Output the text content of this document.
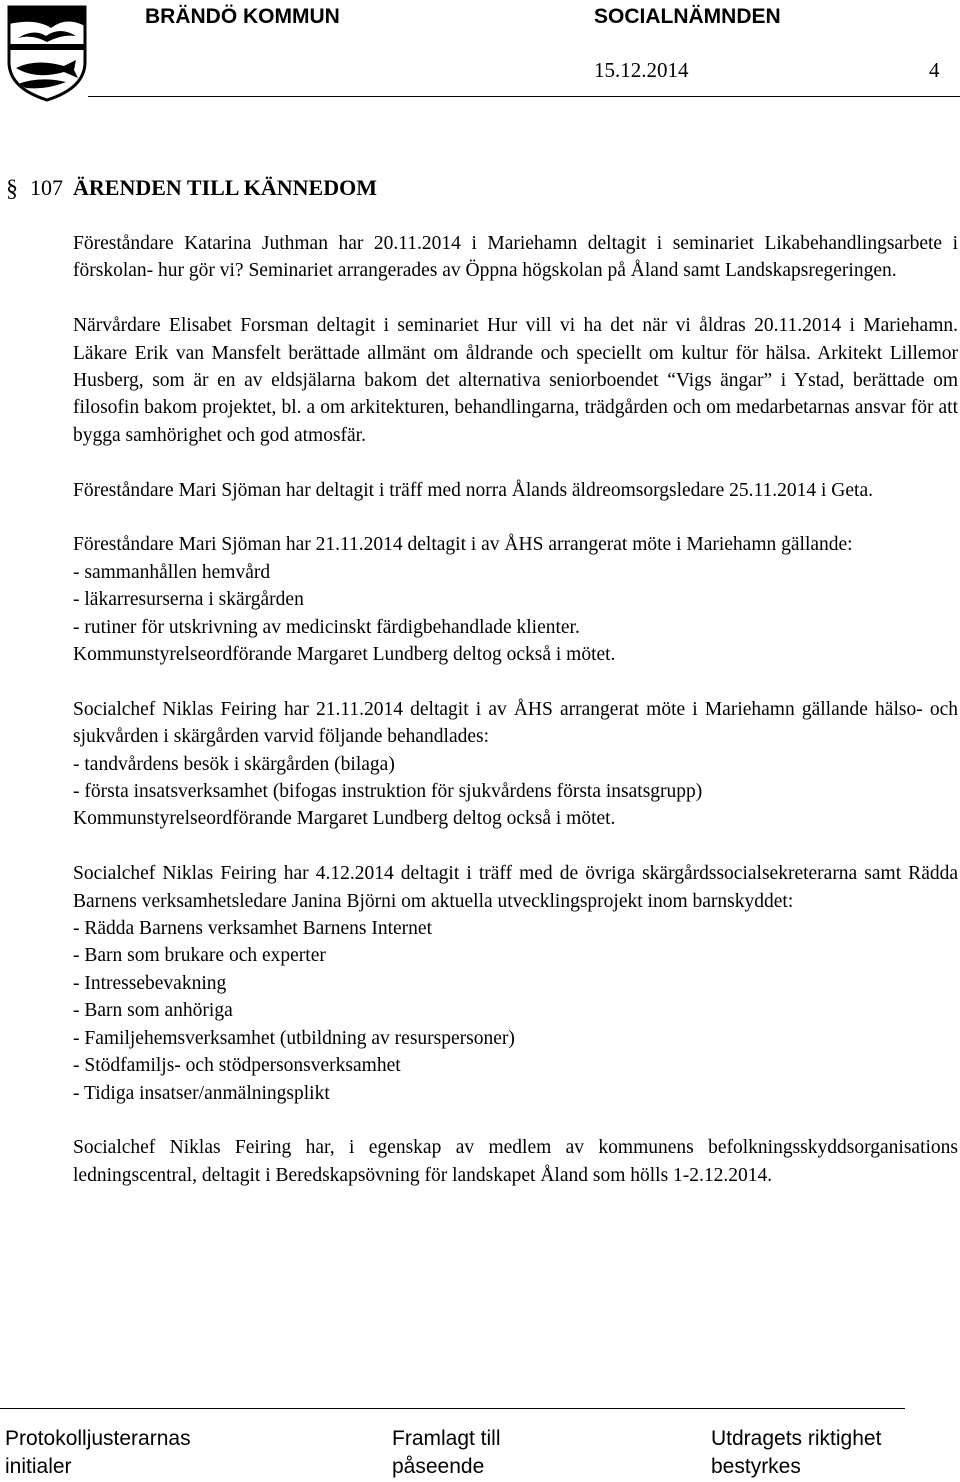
BRÄNDÖ KOMMUN	SOCIALNÄMNDEN
15.12.2014	4
§ 107 ÄRENDEN TILL KÄNNEDOM

Föreståndare Katarina Juthman har 20.11.2014 i Mariehamn deltagit i seminariet Likabehandlingsarbete i förskolan- hur gör vi? Seminariet arrangerades av Öppna högskolan på Åland samt Landskapsregeringen.

Närvårdare Elisabet Forsman deltagit i seminariet Hur vill vi ha det när vi åldras 20.11.2014 i Mariehamn. Läkare Erik van Mansfelt berättade allmänt om åldrande och speciellt om kultur för hälsa. Arkitekt Lillemor Husberg, som är en av eldsjälarna bakom det alternativa seniorboendet “Vigs ängar” i Ystad, berättade om filosofin bakom projektet, bl. a om arkitekturen, behandlingarna, trädgården och om medarbetarnas ansvar för att bygga samhörighet och god atmosfär.

Föreståndare Mari Sjöman har deltagit i träff med norra Ålands äldreomsorgsledare 25.11.2014 i Geta.

Föreståndare Mari Sjöman har 21.11.2014 deltagit i av ÅHS arrangerat möte i Mariehamn gällande:
- sammanhållen hemvård
- läkarresurserna i skärgården
- rutiner för utskrivning av medicinskt färdigbehandlade klienter.
Kommunstyrelseordförande Margaret Lundberg deltog också i mötet.

Socialchef Niklas Feiring har 21.11.2014 deltagit i av ÅHS arrangerat möte i Mariehamn gällande hälso- och sjukvården i skärgården varvid följande behandlades:
- tandvårdens besök i skärgården (bilaga)
- första insatsverksamhet (bifogas instruktion för sjukvårdens första insatsgrupp)
Kommunstyrelseordförande Margaret Lundberg deltog också i mötet.

Socialchef Niklas Feiring har 4.12.2014 deltagit i träff med de övriga skärgårdssocialsekreterarna samt Rädda Barnens verksamhetsledare Janina Björni om aktuella utvecklingsprojekt inom barnskyddet:
- Rädda Barnens verksamhet Barnens Internet
- Barn som brukare och experter
- Intressebevakning
- Barn som anhöriga
- Familjehemsverksamhet (utbildning av resurspersoner)
- Stödfamiljs- och stödpersonsverksamhet
- Tidiga insatser/anmälningsplikt

Socialchef Niklas Feiring har, i egenskap av medlem av kommunens befolkningsskyddsorganisations ledningscentral, deltagit i Beredskapsövning för landskapet Åland som hölls 1-2.12.2014.

Protokolljusterarnas
initialer
Framlagt till
påseende
Utdragets riktighet
bestyrkes
